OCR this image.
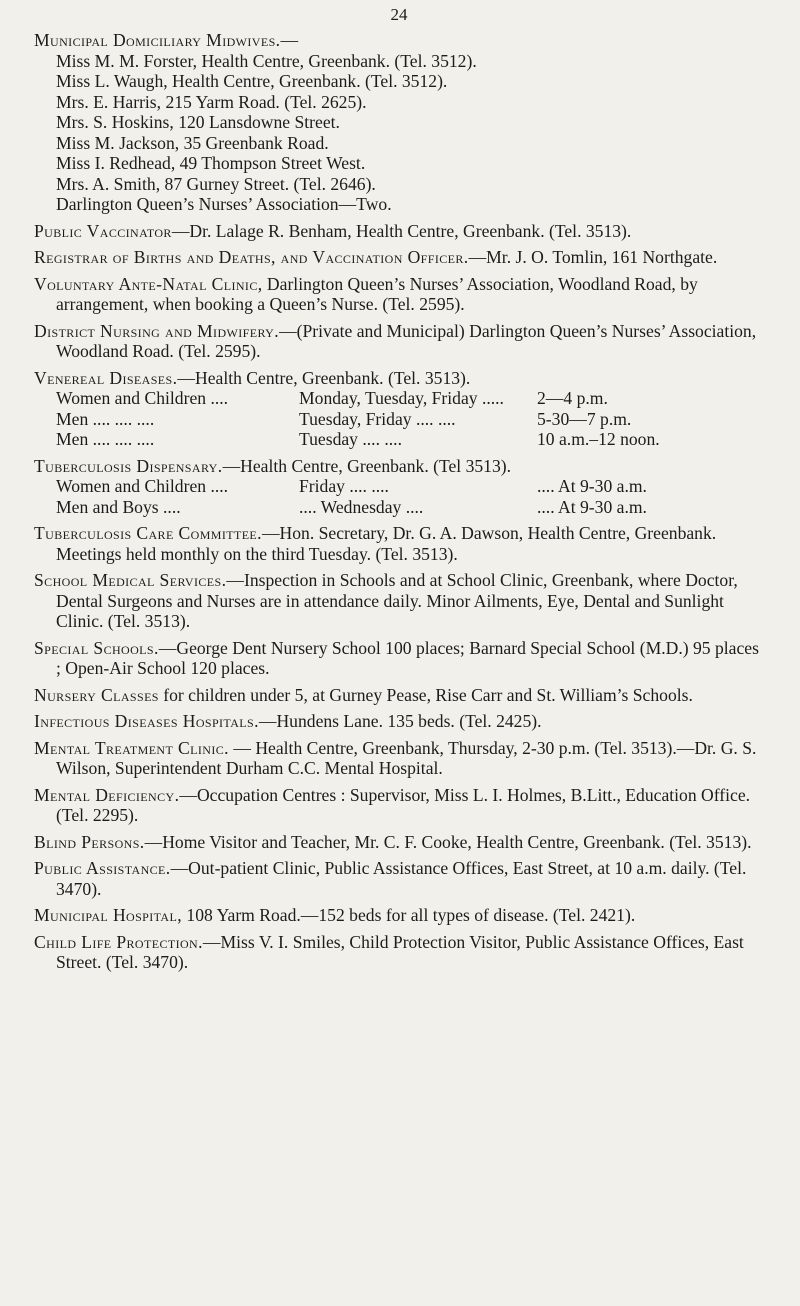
24
Municipal Domiciliary Midwives.—
Miss M. M. Forster, Health Centre, Greenbank. (Tel. 3512).
Miss L. Waugh, Health Centre, Greenbank. (Tel. 3512).
Mrs. E. Harris, 215 Yarm Road. (Tel. 2625).
Mrs. S. Hoskins, 120 Lansdowne Street.
Miss M. Jackson, 35 Greenbank Road.
Miss I. Redhead, 49 Thompson Street West.
Mrs. A. Smith, 87 Gurney Street. (Tel. 2646).
Darlington Queen’s Nurses’ Association—Two.
Public Vaccinator—Dr. Lalage R. Benham, Health Centre, Greenbank. (Tel. 3513).
Registrar of Births and Deaths, and Vaccination Officer.—Mr. J. O. Tomlin, 161 Northgate.
Voluntary Ante-Natal Clinic, Darlington Queen’s Nurses’ Association, Woodland Road, by arrangement, when booking a Queen’s Nurse. (Tel. 2595).
District Nursing and Midwifery.—(Private and Municipal) Darlington Queen’s Nurses’ Association, Woodland Road. (Tel. 2595).
Venereal Diseases.—Health Centre, Greenbank. (Tel. 3513).
Women and Children ....	Monday, Tuesday, Friday .....	2—4 p.m.
Men .... .... ....	Tuesday, Friday .... ....	5-30—7 p.m.
Men .... .... ....	Tuesday .... ....	10 a.m.–12 noon.
Tuberculosis Dispensary.—Health Centre, Greenbank. (Tel 3513).
Women and Children ....	Friday .... ....	.... At 9-30 a.m.
Men and Boys ....	.... Wednesday ....	.... At 9-30 a.m.
Tuberculosis Care Committee.—Hon. Secretary, Dr. G. A. Dawson, Health Centre, Greenbank. Meetings held monthly on the third Tuesday. (Tel. 3513).
School Medical Services.—Inspection in Schools and at School Clinic, Greenbank, where Doctor, Dental Surgeons and Nurses are in attendance daily. Minor Ailments, Eye, Dental and Sunlight Clinic. (Tel. 3513).
Special Schools.—George Dent Nursery School 100 places; Barnard Special School (M.D.) 95 places ; Open-Air School 120 places.
Nursery Classes for children under 5, at Gurney Pease, Rise Carr and St. William’s Schools.
Infectious Diseases Hospitals.—Hundens Lane. 135 beds. (Tel. 2425).
Mental Treatment Clinic. — Health Centre, Greenbank, Thursday, 2-30 p.m. (Tel. 3513).—Dr. G. S. Wilson, Superintendent Durham C.C. Mental Hospital.
Mental Deficiency.—Occupation Centres : Supervisor, Miss L. I. Holmes, B.Litt., Education Office. (Tel. 2295).
Blind Persons.—Home Visitor and Teacher, Mr. C. F. Cooke, Health Centre, Greenbank. (Tel. 3513).
Public Assistance.—Out-patient Clinic, Public Assistance Offices, East Street, at 10 a.m. daily. (Tel. 3470).
Municipal Hospital, 108 Yarm Road.—152 beds for all types of disease. (Tel. 2421).
Child Life Protection.—Miss V. I. Smiles, Child Protection Visitor, Public Assistance Offices, East Street. (Tel. 3470).
